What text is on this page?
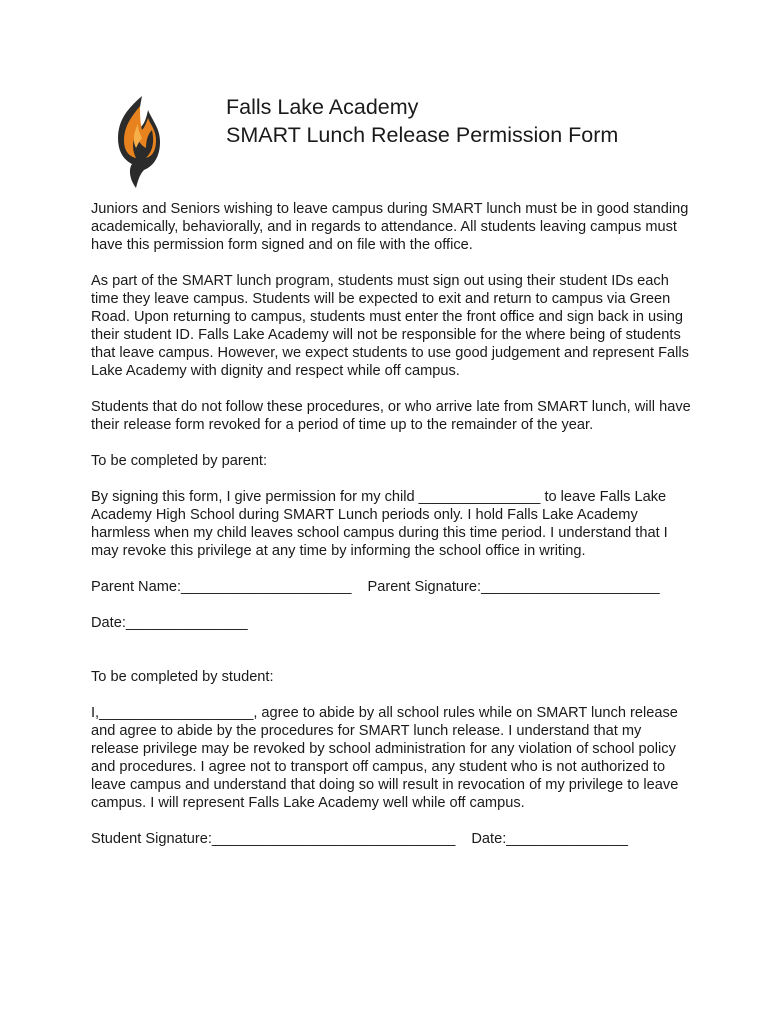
Falls Lake Academy
SMART Lunch Release Permission Form

Juniors and Seniors wishing to leave campus during SMART lunch must be in good standing academically, behaviorally, and in regards to attendance. All students leaving campus must have this permission form signed and on file with the office.

As part of the SMART lunch program, students must sign out using their student IDs each time they leave campus. Students will be expected to exit and return to campus via Green Road. Upon returning to campus, students must enter the front office and sign back in using their student ID. Falls Lake Academy will not be responsible for the where being of students that leave campus. However, we expect students to use good judgement and represent Falls Lake Academy with dignity and respect while off campus.

Students that do not follow these procedures, or who arrive late from SMART lunch, will have their release form revoked for a period of time up to the remainder of the year.

To be completed by parent:

By signing this form, I give permission for my child _______________ to leave Falls Lake Academy High School during SMART Lunch periods only. I hold Falls Lake Academy harmless when my child leaves school campus during this time period. I understand that I may revoke this privilege at any time by informing the school office in writing.

Parent Name:_____________________ Parent Signature:______________________
Date:_______________

To be completed by student:

I,___________________, agree to abide by all school rules while on SMART lunch release and agree to abide by the procedures for SMART lunch release. I understand that my release privilege may be revoked by school administration for any violation of school policy and procedures. I agree not to transport off campus, any student who is not authorized to leave campus and understand that doing so will result in revocation of my privilege to leave campus. I will represent Falls Lake Academy well while off campus.

Student Signature:______________________________ Date:_______________
